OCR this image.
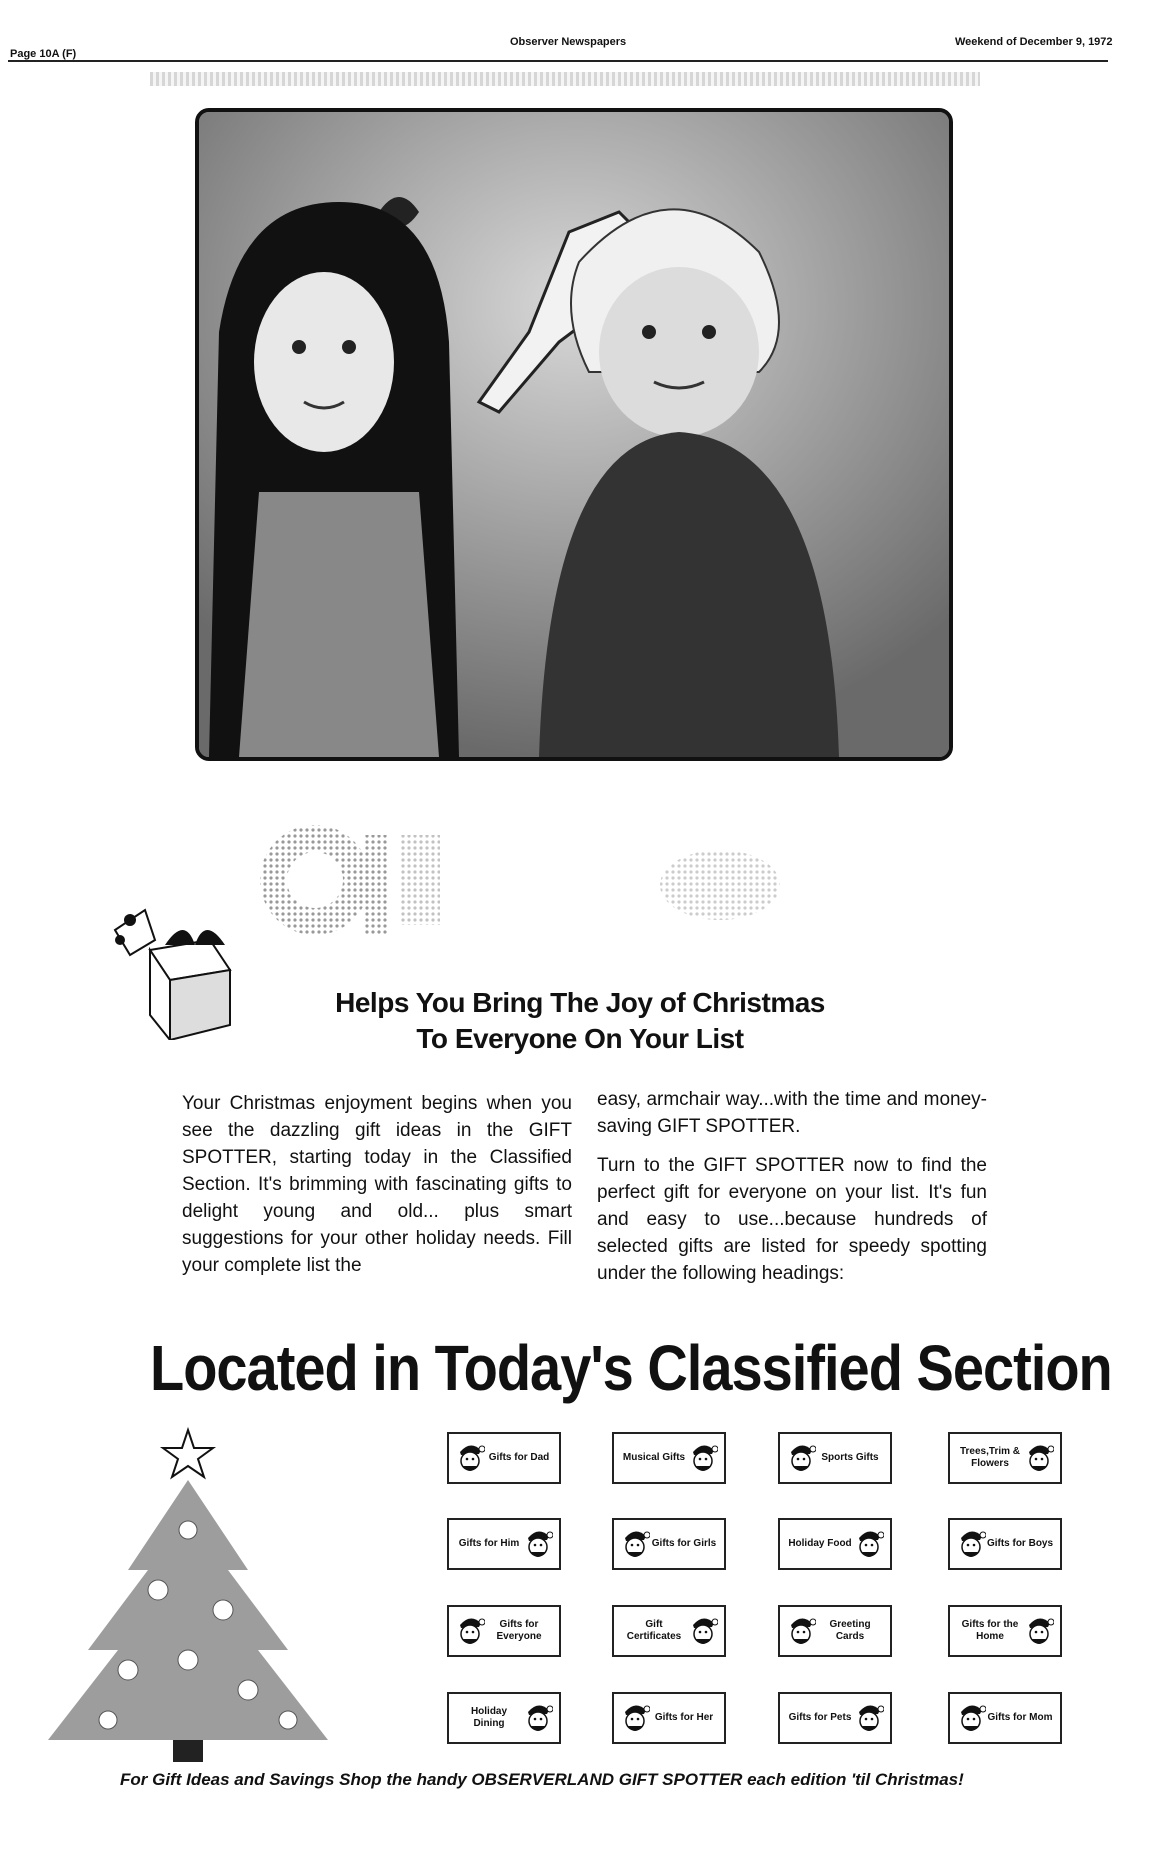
Page 10A (F)
Observer Newspapers	Weekend of December 9, 1972
Helps You Bring The Joy of Christmas
To Everyone On Your List

Your Christmas enjoyment begins when you see the dazzling gift ideas in the GIFT SPOTTER, starting today in the Classified Section. It's brimming with fascinating gifts to delight young and old... plus smart suggestions for your other holiday needs. Fill your complete list the

easy, armchair way...with the time and money-saving GIFT SPOTTER.

Turn to the GIFT SPOTTER now to find the perfect gift for everyone on your list. It's fun and easy to use...because hundreds of selected gifts are listed for speedy spotting under the following headings:

Located in Today's Classified Section
Gifts for Dad	Musical Gifts	Sports Gifts
Trees,Trim & Flowers
Gifts for Him	Gifts for Girls	Holiday Food	Gifts for Boys
Gifts for Everyone
Gift Certificates
Greeting Cards
Gifts for the Home
Holiday Dining
Gifts for Her	Gifts for Pets	Gifts for Mom
For Gift Ideas and Savings Shop the handy OBSERVERLAND GIFT SPOTTER each edition 'til Christmas!
